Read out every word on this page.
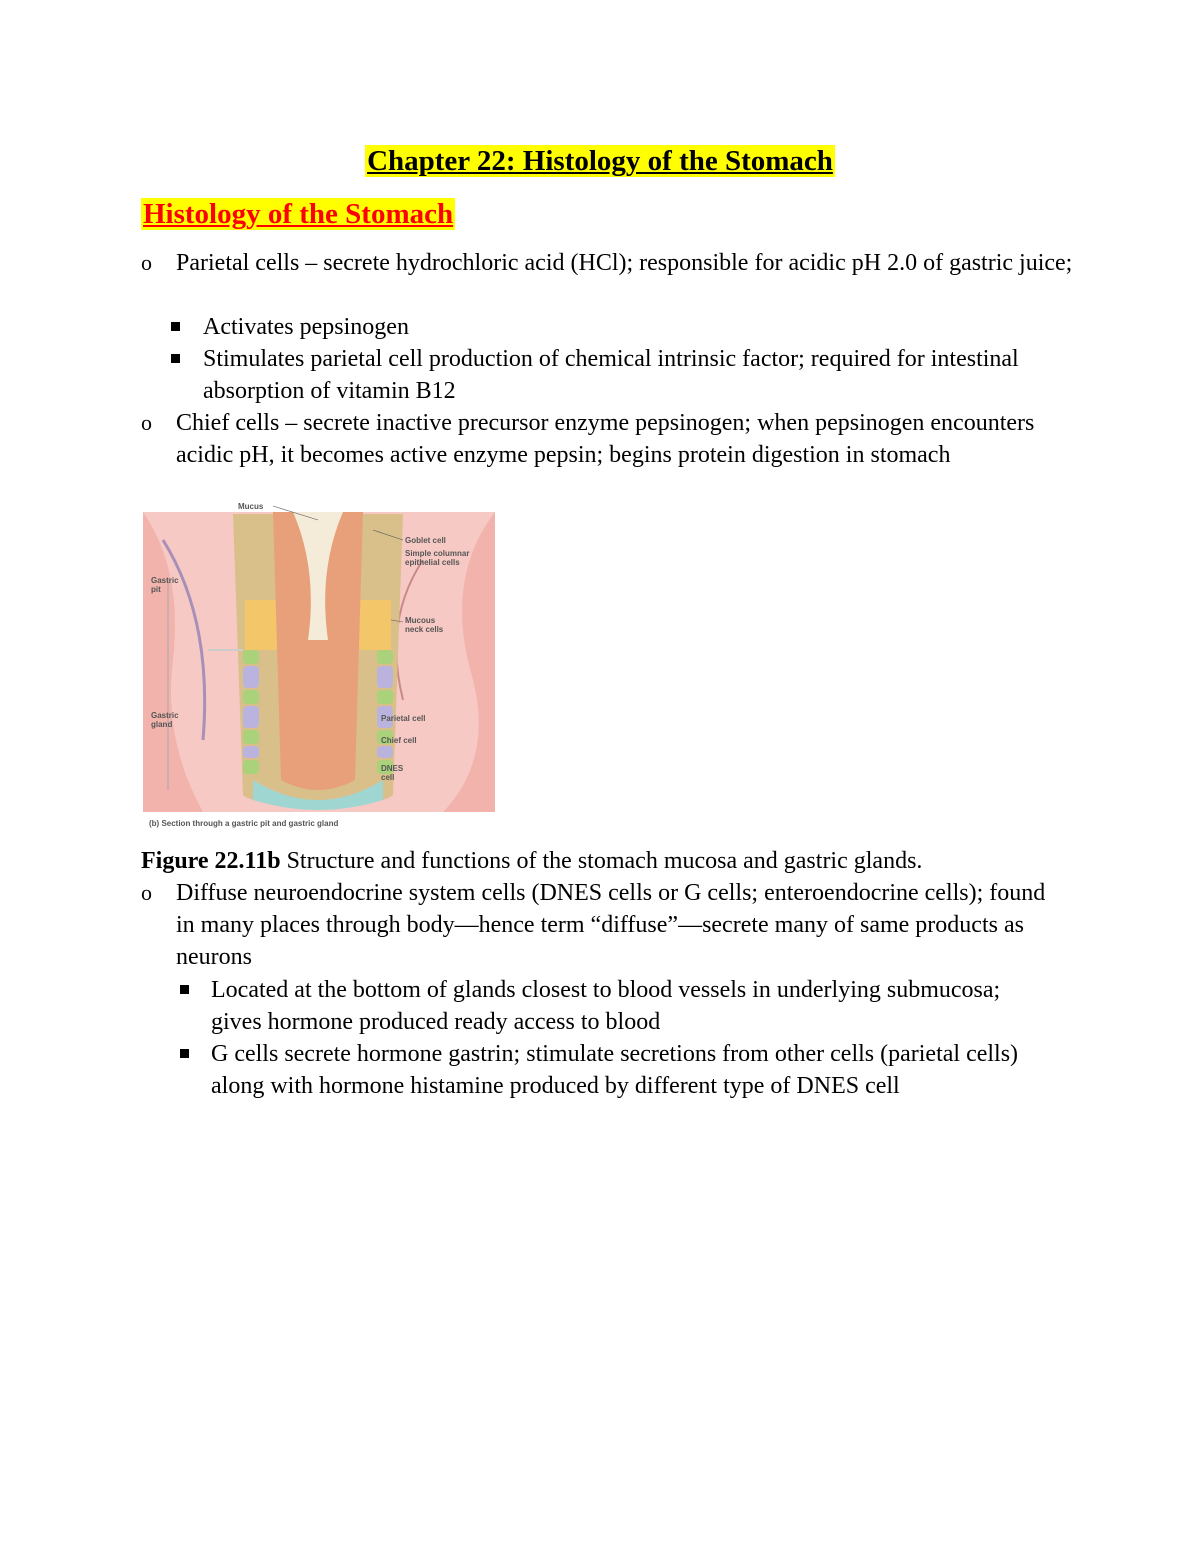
Chapter 22: Histology of the Stomach
Histology of the Stomach
o Parietal cells – secrete hydrochloric acid (HCl); responsible for acidic pH 2.0 of gastric juice;
Activates pepsinogen
Stimulates parietal cell production of chemical intrinsic factor; required for intestinal absorption of vitamin B12
o Chief cells – secrete inactive precursor enzyme pepsinogen; when pepsinogen encounters acidic pH, it becomes active enzyme pepsin; begins protein digestion in stomach
Mucus
Goblet cell
Simple columnar
epithelial cells
Gastric
pit
Mucous
neck cells
Gastric
gland
Parietal cell
Chief cell
DNES
cell
(b) Section through a gastric pit and gastric gland
Figure 22.11b Structure and functions of the stomach mucosa and gastric glands.
o Diffuse neuroendocrine system cells (DNES cells or G cells; enteroendocrine cells); found in many places through body—hence term “diffuse”—secrete many of same products as neurons
Located at the bottom of glands closest to blood vessels in underlying submucosa; gives hormone produced ready access to blood
G cells secrete hormone gastrin; stimulate secretions from other cells (parietal cells) along with hormone histamine produced by different type of DNES cell
